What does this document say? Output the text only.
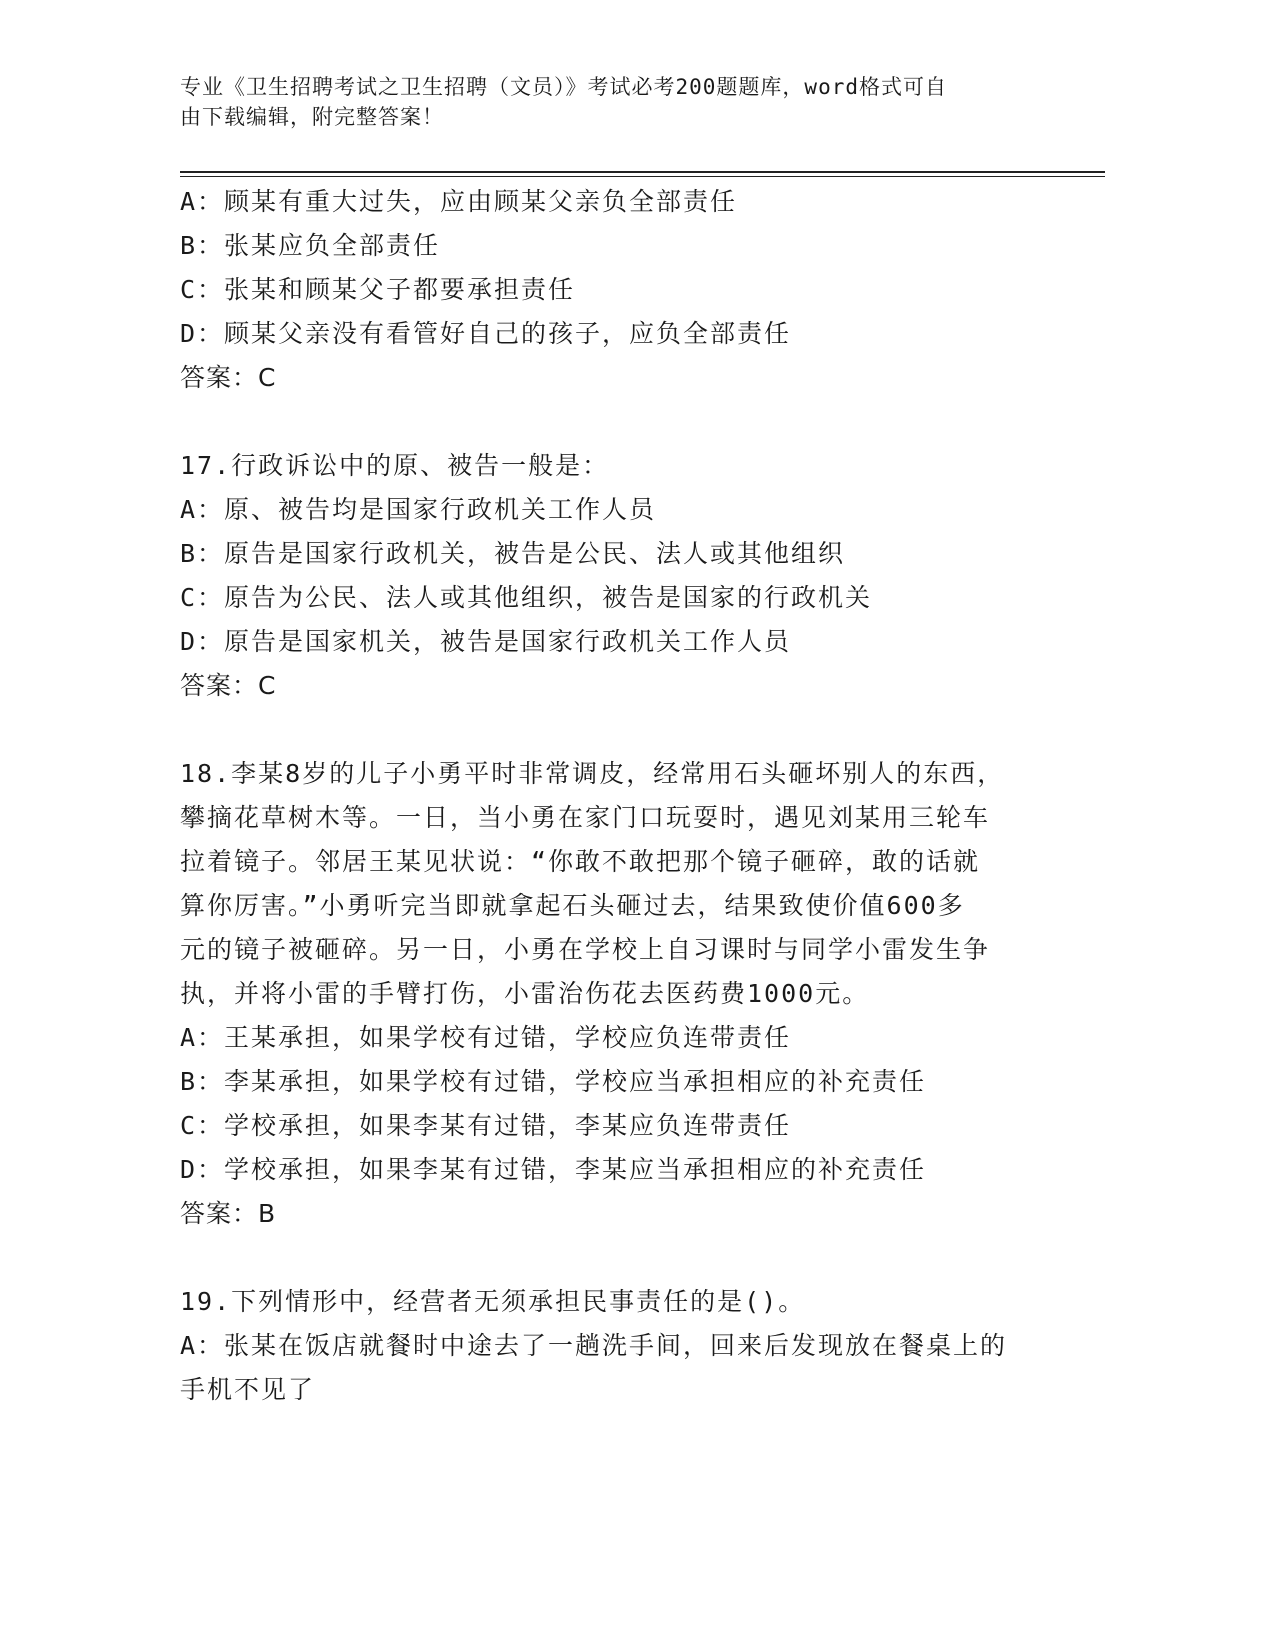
专业《卫生招聘考试之卫生招聘（文员）》考试必考200题题库，word格式可自
由下载编辑，附完整答案！
A：顾某有重大过失，应由顾某父亲负全部责任
B：张某应负全部责任
C：张某和顾某父子都要承担责任
D：顾某父亲没有看管好自己的孩子，应负全部责任
答案：C
17.行政诉讼中的原、被告一般是：
A：原、被告均是国家行政机关工作人员
B：原告是国家行政机关，被告是公民、法人或其他组织
C：原告为公民、法人或其他组织，被告是国家的行政机关
D：原告是国家机关，被告是国家行政机关工作人员
答案：C
18.李某8岁的儿子小勇平时非常调皮，经常用石头砸坏别人的东西，
攀摘花草树木等。一日，当小勇在家门口玩耍时，遇见刘某用三轮车
拉着镜子。邻居王某见状说：“你敢不敢把那个镜子砸碎，敢的话就
算你厉害。”小勇听完当即就拿起石头砸过去，结果致使价值600多
元的镜子被砸碎。另一日，小勇在学校上自习课时与同学小雷发生争
执，并将小雷的手臂打伤，小雷治伤花去医药费1000元。
A：王某承担，如果学校有过错，学校应负连带责任
B：李某承担，如果学校有过错，学校应当承担相应的补充责任
C：学校承担，如果李某有过错，李某应负连带责任
D：学校承担，如果李某有过错，李某应当承担相应的补充责任
答案：B
19.下列情形中，经营者无须承担民事责任的是()。
A：张某在饭店就餐时中途去了一趟洗手间，回来后发现放在餐桌上的
手机不见了
